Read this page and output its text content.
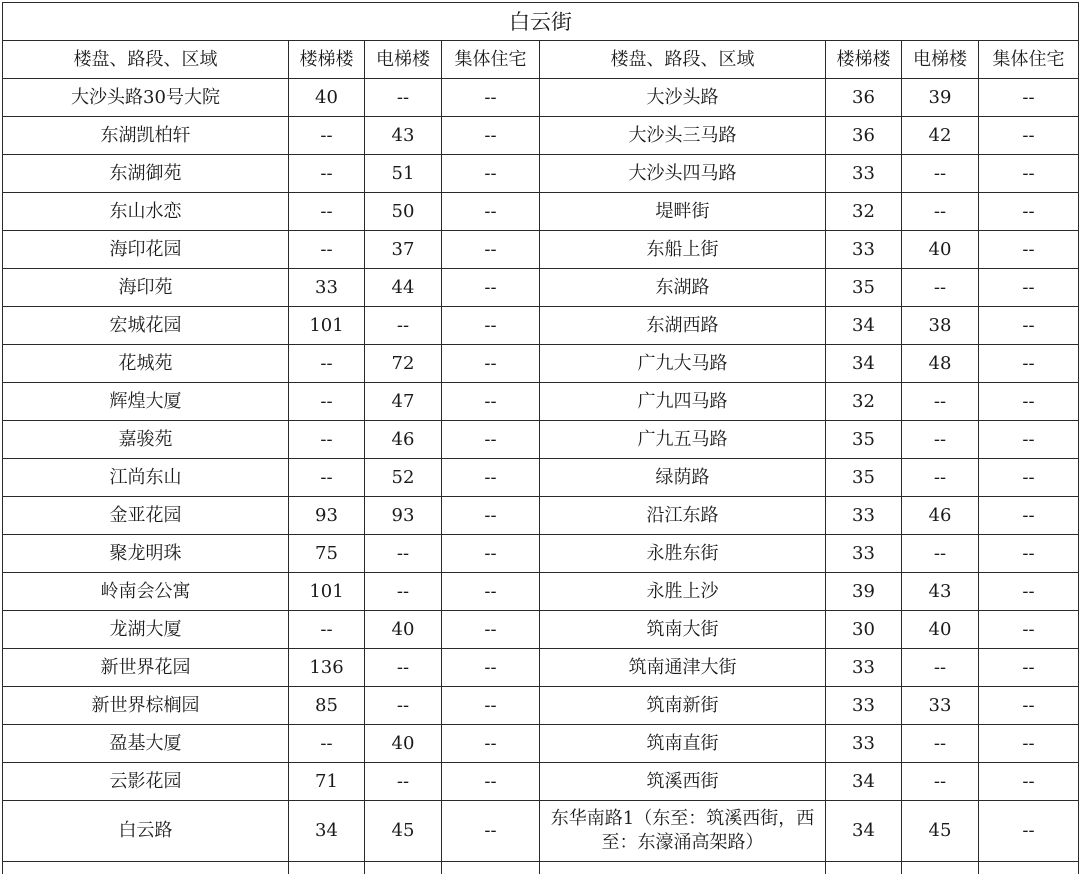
白云街							
楼盘、路段、区域	楼梯楼	电梯楼	集体住宅	楼盘、路段、区域	楼梯楼	电梯楼	集体住宅
大沙头路30号大院	40	--	--	大沙头路	36	39	--
东湖凯柏轩	--	43	--	大沙头三马路	36	42	--
东湖御苑	--	51	--	大沙头四马路	33	--	--
东山水恋	--	50	--	堤畔街	32	--	--
海印花园	--	37	--	东船上街	33	40	--
海印苑	33	44	--	东湖路	35	--	--
宏城花园	101	--	--	东湖西路	34	38	--
花城苑	--	72	--	广九大马路	34	48	--
辉煌大厦	--	47	--	广九四马路	32	--	--
嘉骏苑	--	46	--	广九五马路	35	--	--
江尚东山	--	52	--	绿荫路	35	--	--
金亚花园	93	93	--	沿江东路	33	46	--
聚龙明珠	75	--	--	永胜东街	33	--	--
岭南会公寓	101	--	--	永胜上沙	39	43	--
龙湖大厦	--	40	--	筑南大街	30	40	--
新世界花园	136	--	--	筑南通津大街	33	--	--
新世界棕榈园	85	--	--	筑南新街	33	33	--
盈基大厦	--	40	--	筑南直街	33	--	--
云影花园	71	--	--	筑溪西街	34	--	--
白云路	34	45	--	东华南路1（东至：筑溪西街，西至：东濠涌高架路）	34	45	--
